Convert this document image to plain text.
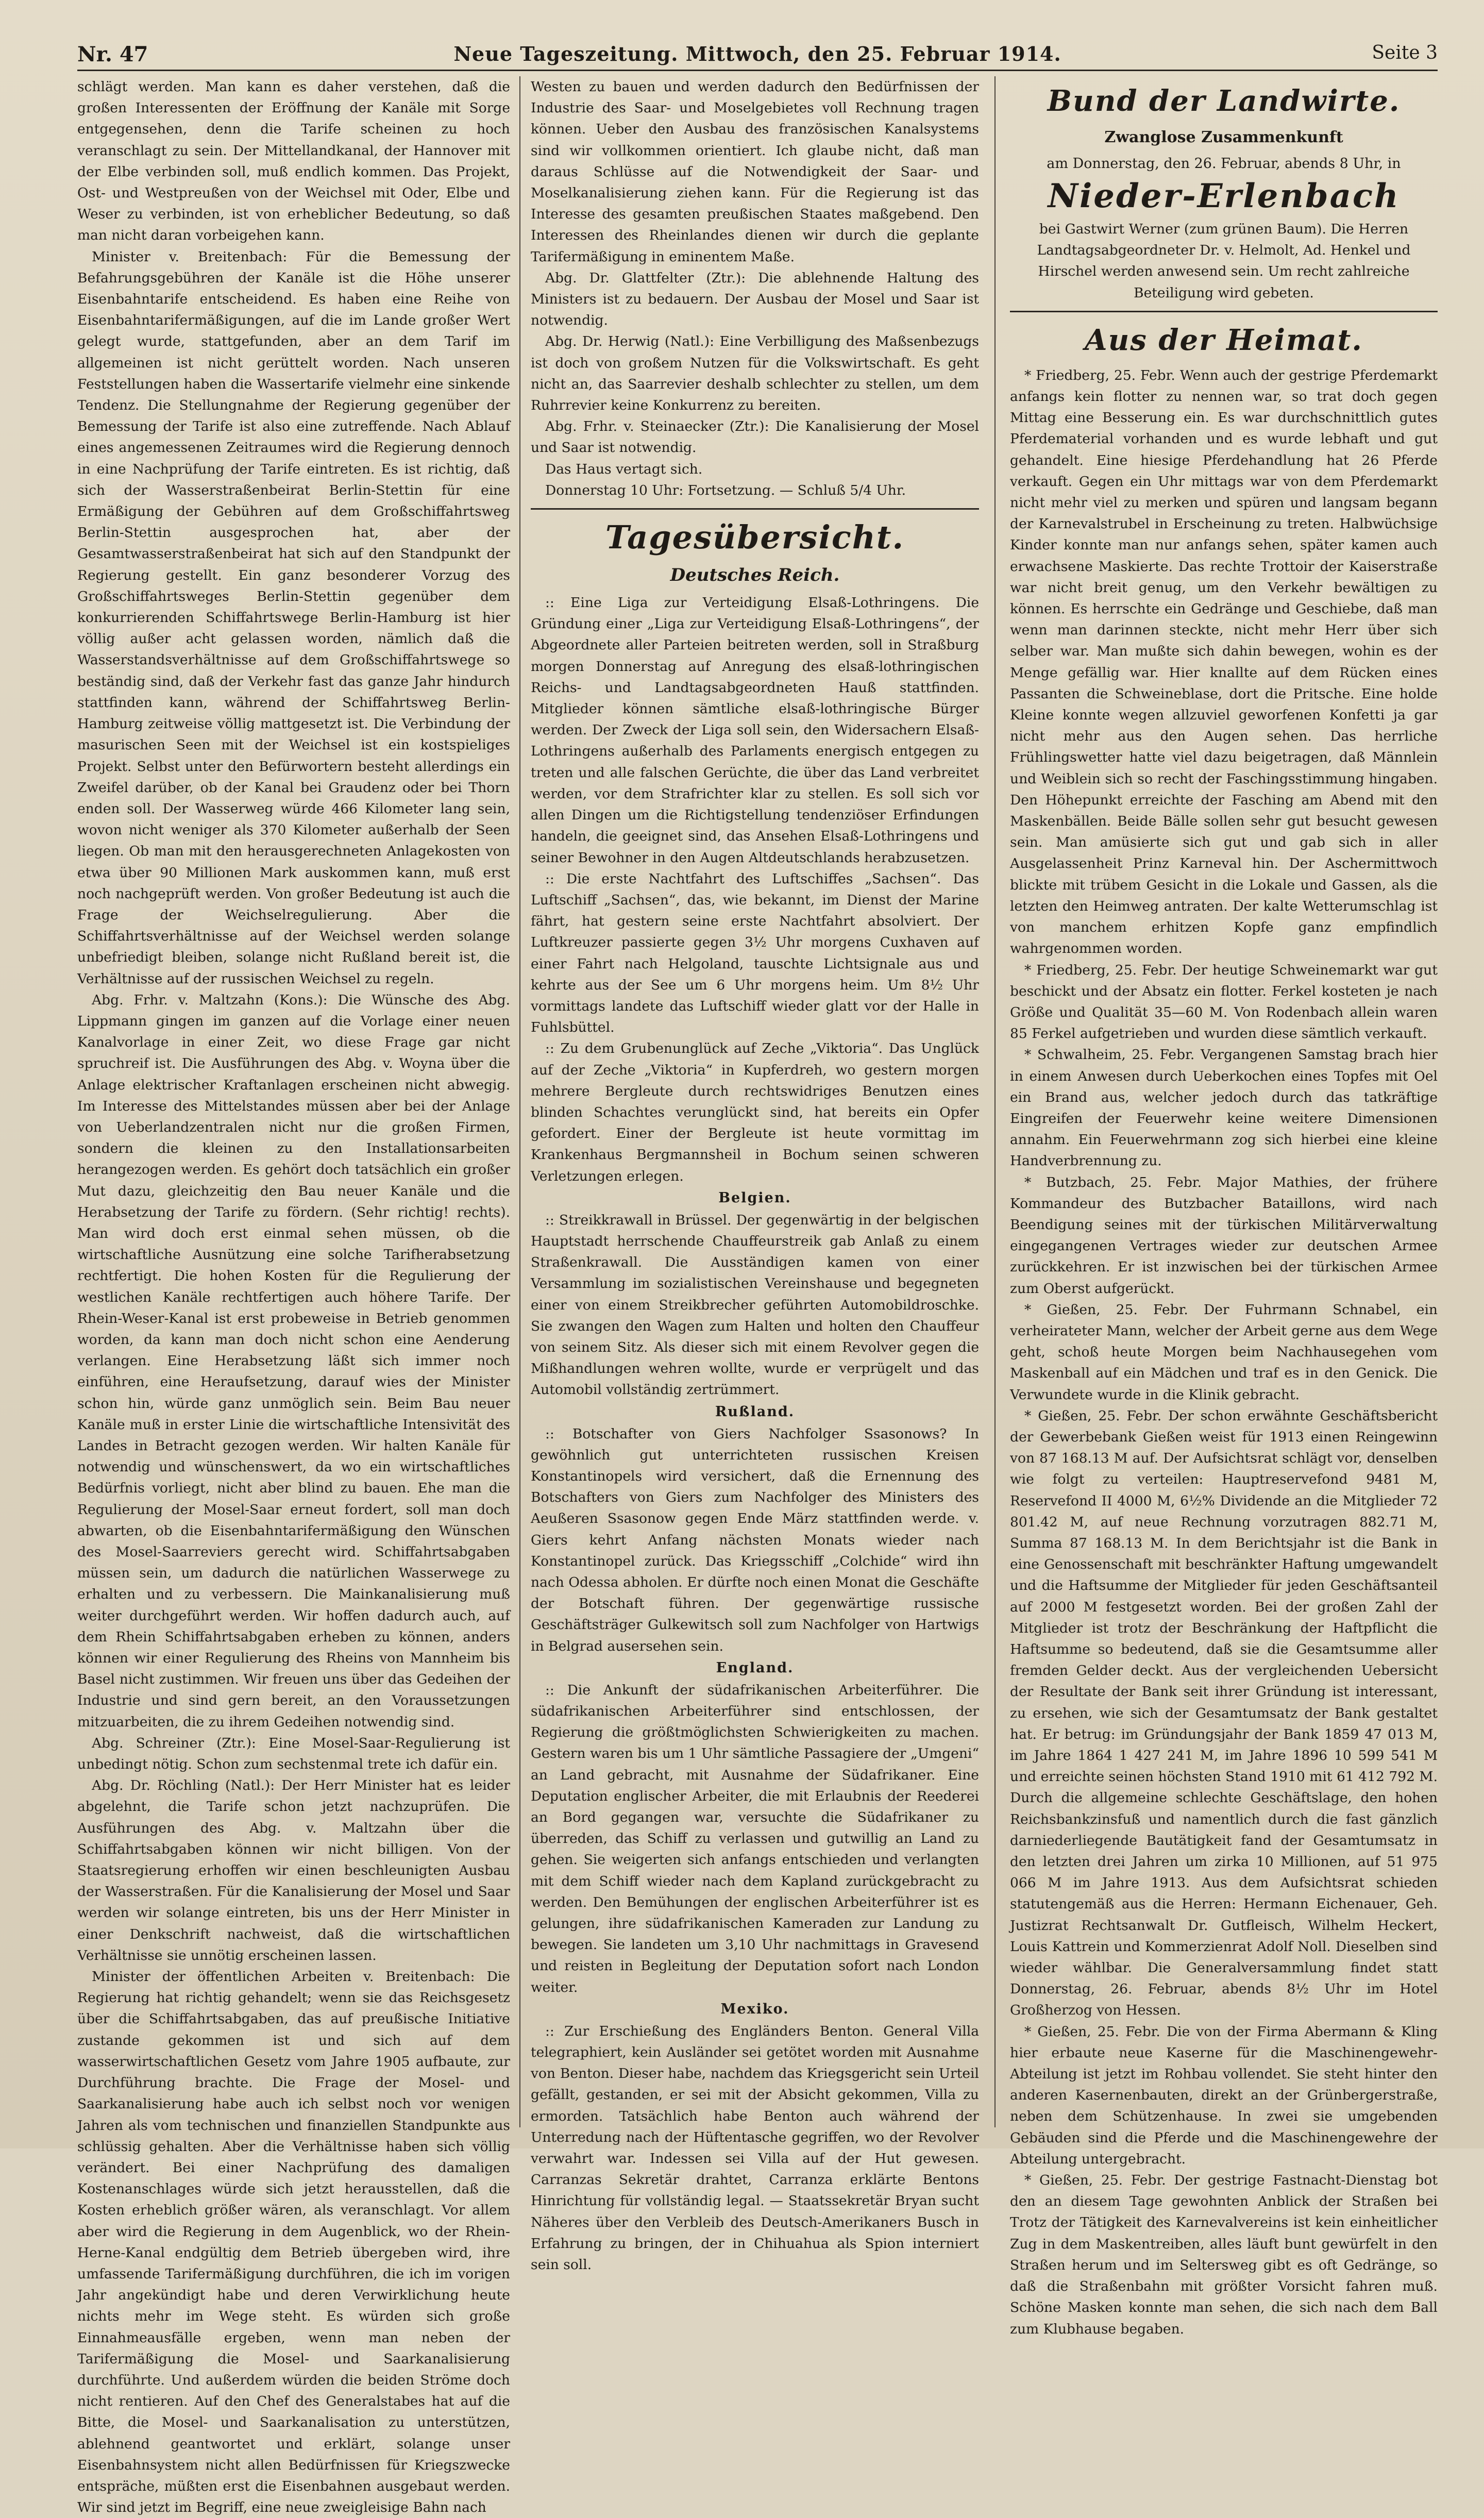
Nr. 47	Neue Tageszeitung. Mittwoch, den 25. Februar 1914.	Seite 3

schlägt werden. Man kann es daher verstehen, daß die großen Interessenten der Eröffnung der Kanäle mit Sorge entgegensehen, denn die Tarife scheinen zu hoch veranschlagt zu sein. Der Mittellandkanal, der Hannover mit der Elbe verbinden soll, muß endlich kommen. Das Projekt, Ost- und Westpreußen von der Weichsel mit Oder, Elbe und Weser zu verbinden, ist von erheblicher Bedeutung, so daß man nicht daran vorbeigehen kann.

Minister v. Breitenbach: Für die Bemessung der Befahrungsgebühren der Kanäle ist die Höhe unserer Eisenbahntarife entscheidend. Es haben eine Reihe von Eisenbahntarifermäßigungen, auf die im Lande großer Wert gelegt wurde, stattgefunden, aber an dem Tarif im allgemeinen ist nicht gerüttelt worden. Nach unseren Feststellungen haben die Wassertarife vielmehr eine sinkende Tendenz. Die Stellungnahme der Regierung gegenüber der Bemessung der Tarife ist also eine zutreffende. Nach Ablauf eines angemessenen Zeitraumes wird die Regierung dennoch in eine Nachprüfung der Tarife eintreten. Es ist richtig, daß sich der Wasserstraßenbeirat Berlin-Stettin für eine Ermäßigung der Gebühren auf dem Großschiffahrtsweg Berlin-Stettin ausgesprochen hat, aber der Gesamtwasserstraßenbeirat hat sich auf den Standpunkt der Regierung gestellt. Ein ganz besonderer Vorzug des Großschiffahrtsweges Berlin-Stettin gegenüber dem konkurrierenden Schiffahrtswege Berlin-Hamburg ist hier völlig außer acht gelassen worden, nämlich daß die Wasserstandsverhältnisse auf dem Großschiffahrtswege so beständig sind, daß der Verkehr fast das ganze Jahr hindurch stattfinden kann, während der Schiffahrtsweg Berlin-Hamburg zeitweise völlig mattgesetzt ist. Die Verbindung der masurischen Seen mit der Weichsel ist ein kostspieliges Projekt. Selbst unter den Befürwortern besteht allerdings ein Zweifel darüber, ob der Kanal bei Graudenz oder bei Thorn enden soll. Der Wasserweg würde 466 Kilometer lang sein, wovon nicht weniger als 370 Kilometer außerhalb der Seen liegen. Ob man mit den herausgerechneten Anlagekosten von etwa über 90 Millionen Mark auskommen kann, muß erst noch nachgeprüft werden. Von großer Bedeutung ist auch die Frage der Weichselregulierung. Aber die Schiffahrtsverhältnisse auf der Weichsel werden solange unbefriedigt bleiben, solange nicht Rußland bereit ist, die Verhältnisse auf der russischen Weichsel zu regeln.

Abg. Frhr. v. Maltzahn (Kons.): Die Wünsche des Abg. Lippmann gingen im ganzen auf die Vorlage einer neuen Kanalvorlage in einer Zeit, wo diese Frage gar nicht spruchreif ist. Die Ausführungen des Abg. v. Woyna über die Anlage elektrischer Kraftanlagen erscheinen nicht abwegig. Im Interesse des Mittelstandes müssen aber bei der Anlage von Ueberlandzentralen nicht nur die großen Firmen, sondern die kleinen zu den Installationsarbeiten herangezogen werden. Es gehört doch tatsächlich ein großer Mut dazu, gleichzeitig den Bau neuer Kanäle und die Herabsetzung der Tarife zu fördern. (Sehr richtig! rechts). Man wird doch erst einmal sehen müssen, ob die wirtschaftliche Ausnützung eine solche Tarifherabsetzung rechtfertigt. Die hohen Kosten für die Regulierung der westlichen Kanäle rechtfertigen auch höhere Tarife. Der Rhein-Weser-Kanal ist erst probeweise in Betrieb genommen worden, da kann man doch nicht schon eine Aenderung verlangen. Eine Herabsetzung läßt sich immer noch einführen, eine Heraufsetzung, darauf wies der Minister schon hin, würde ganz unmöglich sein. Beim Bau neuer Kanäle muß in erster Linie die wirtschaftliche Intensivität des Landes in Betracht gezogen werden. Wir halten Kanäle für notwendig und wünschenswert, da wo ein wirtschaftliches Bedürfnis vorliegt, nicht aber blind zu bauen. Ehe man die Regulierung der Mosel-Saar erneut fordert, soll man doch abwarten, ob die Eisenbahntarifermäßigung den Wünschen des Mosel-Saarreviers gerecht wird. Schiffahrtsabgaben müssen sein, um dadurch die natürlichen Wasserwege zu erhalten und zu verbessern. Die Mainkanalisierung muß weiter durchgeführt werden. Wir hoffen dadurch auch, auf dem Rhein Schiffahrtsabgaben erheben zu können, anders können wir einer Regulierung des Rheins von Mannheim bis Basel nicht zustimmen. Wir freuen uns über das Gedeihen der Industrie und sind gern bereit, an den Voraussetzungen mitzuarbeiten, die zu ihrem Gedeihen notwendig sind.

Abg. Schreiner (Ztr.): Eine Mosel-Saar-Regulierung ist unbedingt nötig. Schon zum sechstenmal trete ich dafür ein.

Abg. Dr. Röchling (Natl.): Der Herr Minister hat es leider abgelehnt, die Tarife schon jetzt nachzuprüfen. Die Ausführungen des Abg. v. Maltzahn über die Schiffahrtsabgaben können wir nicht billigen. Von der Staatsregierung erhoffen wir einen beschleunigten Ausbau der Wasserstraßen. Für die Kanalisierung der Mosel und Saar werden wir solange eintreten, bis uns der Herr Minister in einer Denkschrift nachweist, daß die wirtschaftlichen Verhältnisse sie unnötig erscheinen lassen.

Minister der öffentlichen Arbeiten v. Breitenbach: Die Regierung hat richtig gehandelt; wenn sie das Reichsgesetz über die Schiffahrtsabgaben, das auf preußische Initiative zustande gekommen ist und sich auf dem wasserwirtschaftlichen Gesetz vom Jahre 1905 aufbaute, zur Durchführung brachte. Die Frage der Mosel- und Saarkanalisierung habe auch ich selbst noch vor wenigen Jahren als vom technischen und finanziellen Standpunkte aus schlüssig gehalten. Aber die Verhältnisse haben sich völlig verändert. Bei einer Nachprüfung des damaligen Kostenanschlages würde sich jetzt herausstellen, daß die Kosten erheblich größer wären, als veranschlagt. Vor allem aber wird die Regierung in dem Augenblick, wo der Rhein-Herne-Kanal endgültig dem Betrieb übergeben wird, ihre umfassende Tarifermäßigung durchführen, die ich im vorigen Jahr angekündigt habe und deren Verwirklichung heute nichts mehr im Wege steht. Es würden sich große Einnahmeausfälle ergeben, wenn man neben der Tarifermäßigung die Mosel- und Saarkanalisierung durchführte. Und außerdem würden die beiden Ströme doch nicht rentieren. Auf den Chef des Generalstabes hat auf die Bitte, die Mosel- und Saarkanalisation zu unterstützen, ablehnend geantwortet und erklärt, solange unser Eisenbahnsystem nicht allen Bedürfnissen für Kriegszwecke entspräche, müßten erst die Eisenbahnen ausgebaut werden. Wir sind jetzt im Begriff, eine neue zweigleisige Bahn nach

Westen zu bauen und werden dadurch den Bedürfnissen der Industrie des Saar- und Moselgebietes voll Rechnung tragen können. Ueber den Ausbau des französischen Kanalsystems sind wir vollkommen orientiert. Ich glaube nicht, daß man daraus Schlüsse auf die Notwendigkeit der Saar- und Moselkanalisierung ziehen kann. Für die Regierung ist das Interesse des gesamten preußischen Staates maßgebend. Den Interessen des Rheinlandes dienen wir durch die geplante Tarifermäßigung in eminentem Maße.

Abg. Dr. Glattfelter (Ztr.): Die ablehnende Haltung des Ministers ist zu bedauern. Der Ausbau der Mosel und Saar ist notwendig.

Abg. Dr. Herwig (Natl.): Eine Verbilligung des Maßsenbezugs ist doch von großem Nutzen für die Volkswirtschaft. Es geht nicht an, das Saarrevier deshalb schlechter zu stellen, um dem Ruhrrevier keine Konkurrenz zu bereiten.

Abg. Frhr. v. Steinaecker (Ztr.): Die Kanalisierung der Mosel und Saar ist notwendig.

Das Haus vertagt sich.

Donnerstag 10 Uhr: Fortsetzung. — Schluß 5/4 Uhr.

Tagesübersicht.
Deutsches Reich.

:: Eine Liga zur Verteidigung Elsaß-Lothringens. Die Gründung einer „Liga zur Verteidigung Elsaß-Lothringens“, der Abgeordnete aller Parteien beitreten werden, soll in Straßburg morgen Donnerstag auf Anregung des elsaß-lothringischen Reichs- und Landtagsabgeordneten Hauß stattfinden. Mitglieder können sämtliche elsaß-lothringische Bürger werden. Der Zweck der Liga soll sein, den Widersachern Elsaß-Lothringens außerhalb des Parlaments energisch entgegen zu treten und alle falschen Gerüchte, die über das Land verbreitet werden, vor dem Strafrichter klar zu stellen. Es soll sich vor allen Dingen um die Richtigstellung tendenziöser Erfindungen handeln, die geeignet sind, das Ansehen Elsaß-Lothringens und seiner Bewohner in den Augen Altdeutschlands herabzusetzen.

:: Die erste Nachtfahrt des Luftschiffes „Sachsen“. Das Luftschiff „Sachsen“, das, wie bekannt, im Dienst der Marine fährt, hat gestern seine erste Nachtfahrt absolviert. Der Luftkreuzer passierte gegen 3½ Uhr morgens Cuxhaven auf einer Fahrt nach Helgoland, tauschte Lichtsignale aus und kehrte aus der See um 6 Uhr morgens heim. Um 8½ Uhr vormittags landete das Luftschiff wieder glatt vor der Halle in Fuhlsbüttel.

:: Zu dem Grubenunglück auf Zeche „Viktoria“. Das Unglück auf der Zeche „Viktoria“ in Kupferdreh, wo gestern morgen mehrere Bergleute durch rechtswidriges Benutzen eines blinden Schachtes verunglückt sind, hat bereits ein Opfer gefordert. Einer der Bergleute ist heute vormittag im Krankenhaus Bergmannsheil in Bochum seinen schweren Verletzungen erlegen.

Belgien.

:: Streikkrawall in Brüssel. Der gegenwärtig in der belgischen Hauptstadt herrschende Chauffeurstreik gab Anlaß zu einem Straßenkrawall. Die Ausständigen kamen von einer Versammlung im sozialistischen Vereinshause und begegneten einer von einem Streikbrecher geführten Automobildroschke. Sie zwangen den Wagen zum Halten und holten den Chauffeur von seinem Sitz. Als dieser sich mit einem Revolver gegen die Mißhandlungen wehren wollte, wurde er verprügelt und das Automobil vollständig zertrümmert.

Rußland.

:: Botschafter von Giers Nachfolger Ssasonows? In gewöhnlich gut unterrichteten russischen Kreisen Konstantinopels wird versichert, daß die Ernennung des Botschafters von Giers zum Nachfolger des Ministers des Aeußeren Ssasonow gegen Ende März stattfinden werde. v. Giers kehrt Anfang nächsten Monats wieder nach Konstantinopel zurück. Das Kriegsschiff „Colchide“ wird ihn nach Odessa abholen. Er dürfte noch einen Monat die Geschäfte der Botschaft führen. Der gegenwärtige russische Geschäftsträger Gulkewitsch soll zum Nachfolger von Hartwigs in Belgrad ausersehen sein.

England.

:: Die Ankunft der südafrikanischen Arbeiterführer. Die südafrikanischen Arbeiterführer sind entschlossen, der Regierung die größtmöglichsten Schwierigkeiten zu machen. Gestern waren bis um 1 Uhr sämtliche Passagiere der „Umgeni“ an Land gebracht, mit Ausnahme der Südafrikaner. Eine Deputation englischer Arbeiter, die mit Erlaubnis der Reederei an Bord gegangen war, versuchte die Südafrikaner zu überreden, das Schiff zu verlassen und gutwillig an Land zu gehen. Sie weigerten sich anfangs entschieden und verlangten mit dem Schiff wieder nach dem Kapland zurückgebracht zu werden. Den Bemühungen der englischen Arbeiterführer ist es gelungen, ihre südafrikanischen Kameraden zur Landung zu bewegen. Sie landeten um 3,10 Uhr nachmittags in Gravesend und reisten in Begleitung der Deputation sofort nach London weiter.

Mexiko.

:: Zur Erschießung des Engländers Benton. General Villa telegraphiert, kein Ausländer sei getötet worden mit Ausnahme von Benton. Dieser habe, nachdem das Kriegsgericht sein Urteil gefällt, gestanden, er sei mit der Absicht gekommen, Villa zu ermorden. Tatsächlich habe Benton auch während der Unterredung nach der Hüftentasche gegriffen, wo der Revolver verwahrt war. Indessen sei Villa auf der Hut gewesen. Carranzas Sekretär drahtet, Carranza erklärte Bentons Hinrichtung für vollständig legal. — Staatssekretär Bryan sucht Näheres über den Verbleib des Deutsch-Amerikaners Busch in Erfahrung zu bringen, der in Chihuahua als Spion interniert sein soll.

Bund der Landwirte.
Zwanglose Zusammenkunft
am Donnerstag, den 26. Februar, abends 8 Uhr, in
Nieder-Erlenbach

bei Gastwirt Werner (zum grünen Baum). Die Herren Landtagsabgeordneter Dr. v. Helmolt, Ad. Henkel und Hirschel werden anwesend sein. Um recht zahlreiche Beteiligung wird gebeten.

Aus der Heimat.

* Friedberg, 25. Febr. Wenn auch der gestrige Pferdemarkt anfangs kein flotter zu nennen war, so trat doch gegen Mittag eine Besserung ein. Es war durchschnittlich gutes Pferdematerial vorhanden und es wurde lebhaft und gut gehandelt. Eine hiesige Pferdehandlung hat 26 Pferde verkauft. Gegen ein Uhr mittags war von dem Pferdemarkt nicht mehr viel zu merken und spüren und langsam begann der Karnevalstrubel in Erscheinung zu treten. Halbwüchsige Kinder konnte man nur anfangs sehen, später kamen auch erwachsene Maskierte. Das rechte Trottoir der Kaiserstraße war nicht breit genug, um den Verkehr bewältigen zu können. Es herrschte ein Gedränge und Geschiebe, daß man wenn man darinnen steckte, nicht mehr Herr über sich selber war. Man mußte sich dahin bewegen, wohin es der Menge gefällig war. Hier knallte auf dem Rücken eines Passanten die Schweineblase, dort die Pritsche. Eine holde Kleine konnte wegen allzuviel geworfenen Konfetti ja gar nicht mehr aus den Augen sehen. Das herrliche Frühlingswetter hatte viel dazu beigetragen, daß Männlein und Weiblein sich so recht der Faschingsstimmung hingaben. Den Höhepunkt erreichte der Fasching am Abend mit den Maskenbällen. Beide Bälle sollen sehr gut besucht gewesen sein. Man amüsierte sich gut und gab sich in aller Ausgelassenheit Prinz Karneval hin. Der Aschermittwoch blickte mit trübem Gesicht in die Lokale und Gassen, als die letzten den Heimweg antraten. Der kalte Wetterumschlag ist von manchem erhitzen Kopfe ganz empfindlich wahrgenommen worden.

* Friedberg, 25. Febr. Der heutige Schweinemarkt war gut beschickt und der Absatz ein flotter. Ferkel kosteten je nach Größe und Qualität 35—60 M. Von Rodenbach allein waren 85 Ferkel aufgetrieben und wurden diese sämtlich verkauft.

* Schwalheim, 25. Febr. Vergangenen Samstag brach hier in einem Anwesen durch Ueberkochen eines Topfes mit Oel ein Brand aus, welcher jedoch durch das tatkräftige Eingreifen der Feuerwehr keine weitere Dimensionen annahm. Ein Feuerwehrmann zog sich hierbei eine kleine Handverbrennung zu.

* Butzbach, 25. Febr. Major Mathies, der frühere Kommandeur des Butzbacher Bataillons, wird nach Beendigung seines mit der türkischen Militärverwaltung eingegangenen Vertrages wieder zur deutschen Armee zurückkehren. Er ist inzwischen bei der türkischen Armee zum Oberst aufgerückt.

* Gießen, 25. Febr. Der Fuhrmann Schnabel, ein verheirateter Mann, welcher der Arbeit gerne aus dem Wege geht, schoß heute Morgen beim Nachhausegehen vom Maskenball auf ein Mädchen und traf es in den Genick. Die Verwundete wurde in die Klinik gebracht.

* Gießen, 25. Febr. Der schon erwähnte Geschäftsbericht der Gewerbebank Gießen weist für 1913 einen Reingewinn von 87 168.13 M auf. Der Aufsichtsrat schlägt vor, denselben wie folgt zu verteilen: Hauptreservefond 9481 M, Reservefond II 4000 M, 6½% Dividende an die Mitglieder 72 801.42 M, auf neue Rechnung vorzutragen 882.71 M, Summa 87 168.13 M. In dem Berichtsjahr ist die Bank in eine Genossenschaft mit beschränkter Haftung umgewandelt und die Haftsumme der Mitglieder für jeden Geschäftsanteil auf 2000 M festgesetzt worden. Bei der großen Zahl der Mitglieder ist trotz der Beschränkung der Haftpflicht die Haftsumme so bedeutend, daß sie die Gesamtsumme aller fremden Gelder deckt. Aus der vergleichenden Uebersicht der Resultate der Bank seit ihrer Gründung ist interessant, zu ersehen, wie sich der Gesamtumsatz der Bank gestaltet hat. Er betrug: im Gründungsjahr der Bank 1859 47 013 M, im Jahre 1864 1 427 241 M, im Jahre 1896 10 599 541 M und erreichte seinen höchsten Stand 1910 mit 61 412 792 M. Durch die allgemeine schlechte Geschäftslage, den hohen Reichsbankzinsfuß und namentlich durch die fast gänzlich darniederliegende Bautätigkeit fand der Gesamtumsatz in den letzten drei Jahren um zirka 10 Millionen, auf 51 975 066 M im Jahre 1913. Aus dem Aufsichtsrat schieden statutengemäß aus die Herren: Hermann Eichenauer, Geh. Justizrat Rechtsanwalt Dr. Gutfleisch, Wilhelm Heckert, Louis Kattrein und Kommerzienrat Adolf Noll. Dieselben sind wieder wählbar. Die Generalversammlung findet statt Donnerstag, 26. Februar, abends 8½ Uhr im Hotel Großherzog von Hessen.

* Gießen, 25. Febr. Die von der Firma Abermann & Kling hier erbaute neue Kaserne für die Maschinengewehr-Abteilung ist jetzt im Rohbau vollendet. Sie steht hinter den anderen Kasernenbauten, direkt an der Grünbergerstraße, neben dem Schützenhause. In zwei sie umgebenden Gebäuden sind die Pferde und die Maschinengewehre der Abteilung untergebracht.

* Gießen, 25. Febr. Der gestrige Fastnacht-Dienstag bot den an diesem Tage gewohnten Anblick der Straßen bei Trotz der Tätigkeit des Karnevalvereins ist kein einheitlicher Zug in dem Maskentreiben, alles läuft bunt gewürfelt in den Straßen herum und im Seltersweg gibt es oft Gedränge, so daß die Straßenbahn mit größter Vorsicht fahren muß. Schöne Masken konnte man sehen, die sich nach dem Ball zum Klubhause begaben.
